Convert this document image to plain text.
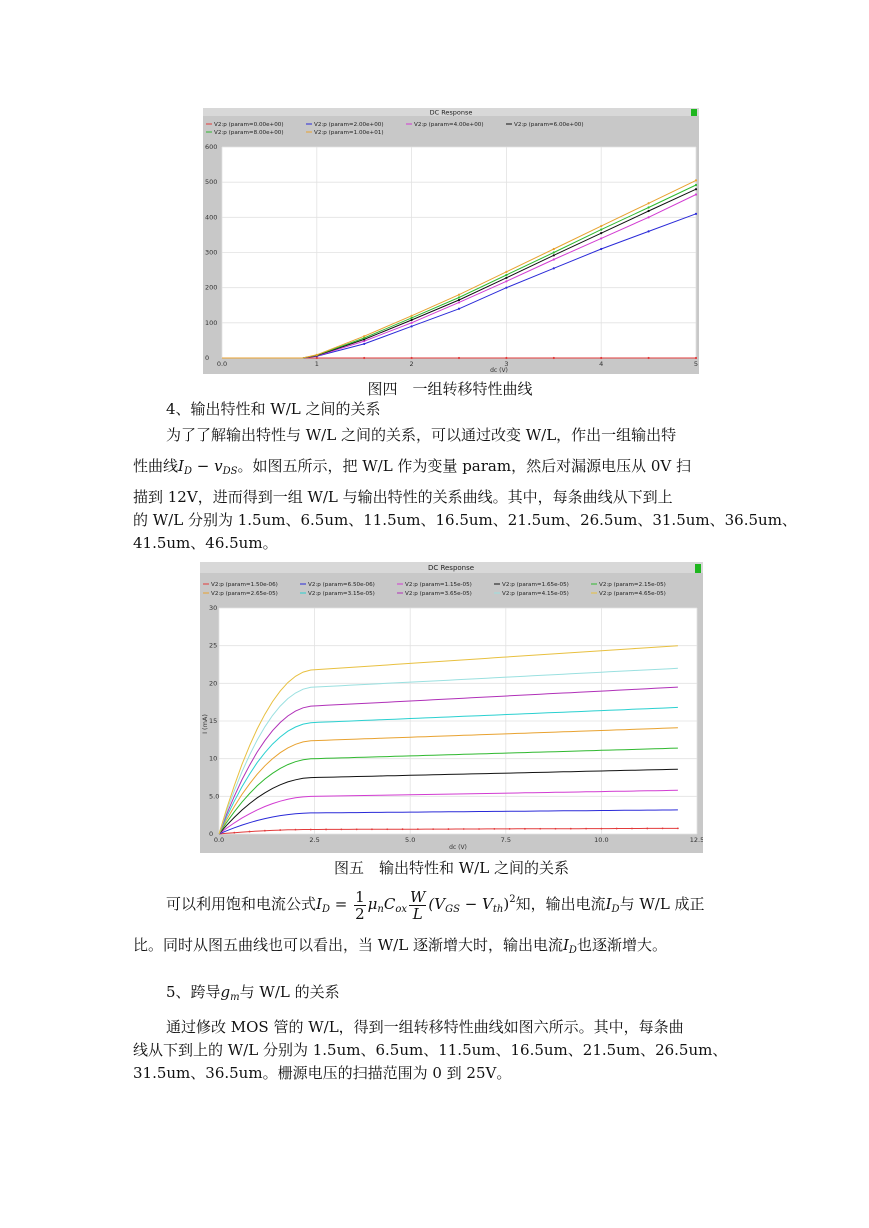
DC Response
V2:p (param=0.00e+00)	V2:p (param=2.00e+00)	V2:p (param=4.00e+00)	V2:p (param=6.00e+00)
V2:p (param=8.00e+00)	V2:p (param=1.00e+01)
0.0	1	2	3	4	5
600
500
400
300
200
100
0
dc (V)
图四　一组转移特性曲线
4、输出特性和 W/L 之间的关系
为了了解输出特性与 W/L 之间的关系，可以通过改变 W/L，作出一组输出特
性曲线$I_D - v_{DS}$。如图五所示，把 W/L 作为变量 param，然后对漏源电压从 0V 扫
描到 12V，进而得到一组 W/L 与输出特性的关系曲线。其中，每条曲线从下到上
的 W/L 分别为 1.5um、6.5um、11.5um、16.5um、21.5um、26.5um、31.5um、36.5um、
41.5um、46.5um。
DC Response
V2:p (param=1.50e-06)	V2:p (param=6.50e-06)	V2:p (param=1.15e-05)	V2:p (param=1.65e-05)	V2:p (param=2.15e-05)
V2:p (param=2.65e-05)	V2:p (param=3.15e-05)	V2:p (param=3.65e-05)	V2:p (param=4.15e-05)	V2:p (param=4.65e-05)
0.0	2.5	5.0	7.5	10.0	12.5
30
25
20
15
10
5.0
0
dc (V)
I (mA)
图五　输出特性和 W/L 之间的关系
可以利用饱和电流公式$I_D = \frac{1}{2} \mu_nC_{ox} \frac{W}{L} (V_{GS} - V_{th})^2$知，输出电流$I_D$与 W/L 成正
比。同时从图五曲线也可以看出，当 W/L 逐渐增大时，输出电流$I_D$也逐渐增大。
5、跨导$g_m$与 W/L 的关系
通过修改 MOS 管的 W/L，得到一组转移特性曲线如图六所示。其中，每条曲
线从下到上的 W/L 分别为 1.5um、6.5um、11.5um、16.5um、21.5um、26.5um、
31.5um、36.5um。栅源电压的扫描范围为 0 到 25V。
